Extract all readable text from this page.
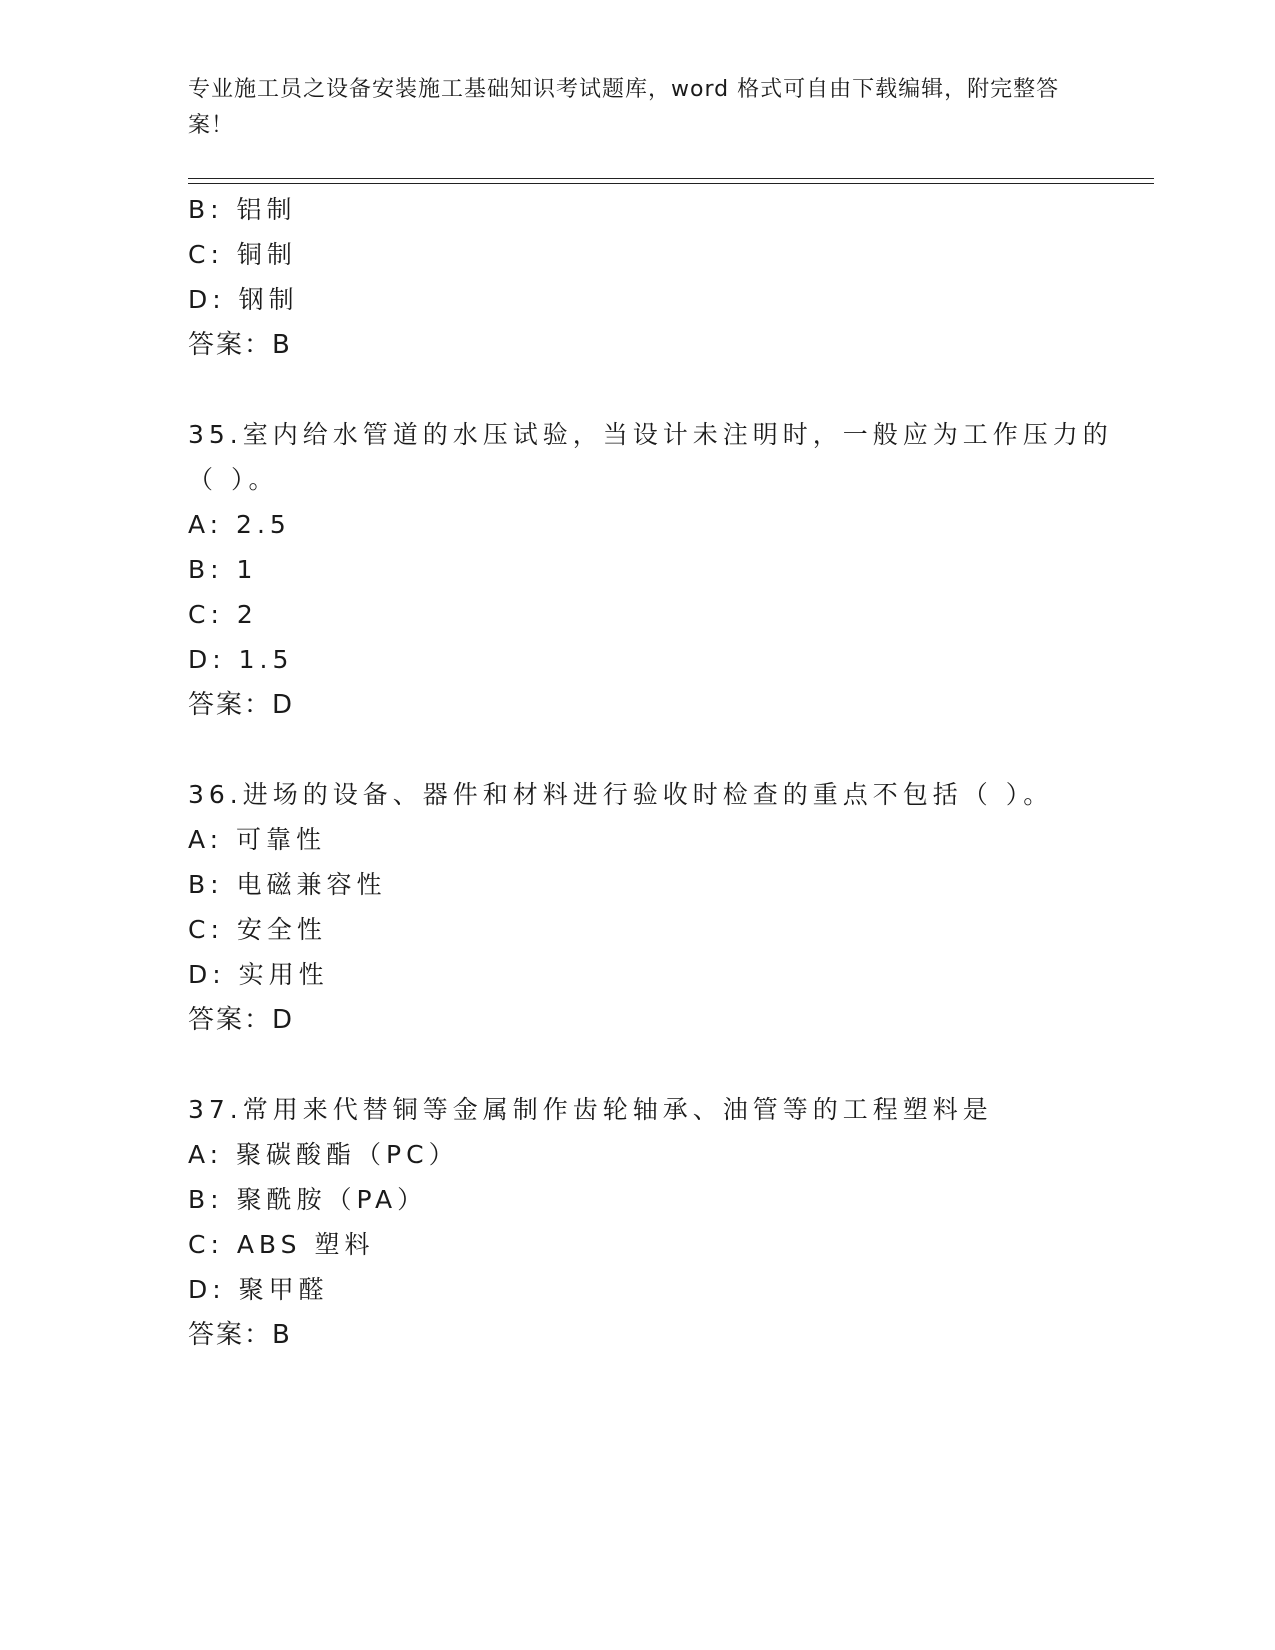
专业施工员之设备安装施工基础知识考试题库，word 格式可自由下载编辑，附完整答案！
B: 铝制
C: 铜制
D: 钢制
答案：B
35.室内给水管道的水压试验，当设计未注明时，一般应为工作压力的
（ ）。
A: 2.5
B: 1
C: 2
D: 1.5
答案：D
36.进场的设备、器件和材料进行验收时检查的重点不包括（ ）。
A: 可靠性
B: 电磁兼容性
C: 安全性
D: 实用性
答案：D
37.常用来代替铜等金属制作齿轮轴承、油管等的工程塑料是
A: 聚碳酸酯（PC）
B: 聚酰胺（PA）
C: ABS 塑料
D: 聚甲醛
答案：B
